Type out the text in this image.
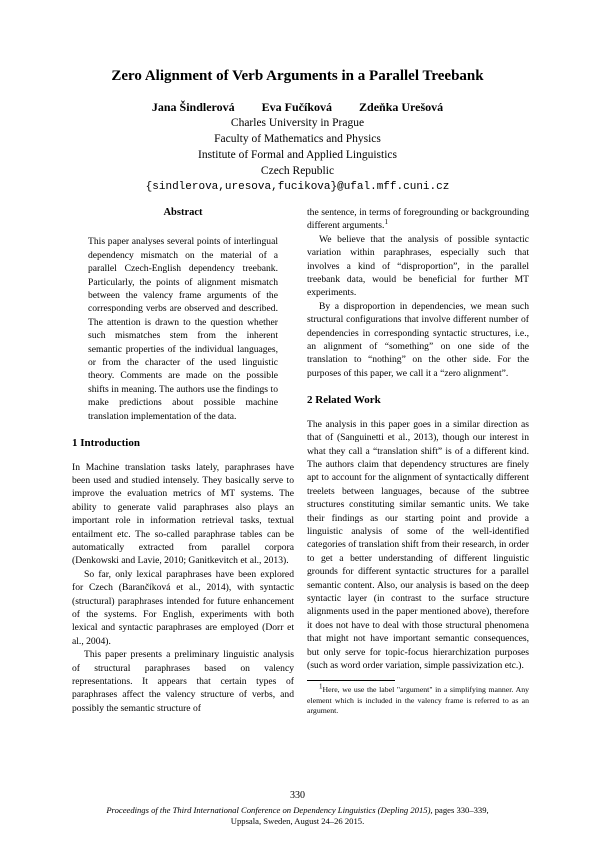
Zero Alignment of Verb Arguments in a Parallel Treebank
Jana Šindlerová Eva Fučíková Zdeňka Urešová
Charles University in Prague
Faculty of Mathematics and Physics
Institute of Formal and Applied Linguistics
Czech Republic
{sindlerova,uresova,fucikova}@ufal.mff.cuni.cz
Abstract

This paper analyses several points of interlingual dependency mismatch on the material of a parallel Czech-English dependency treebank. Particularly, the points of alignment mismatch between the valency frame arguments of the corresponding verbs are observed and described. The attention is drawn to the question whether such mismatches stem from the inherent semantic properties of the individual languages, or from the character of the used linguistic theory. Comments are made on the possible shifts in meaning. The authors use the findings to make predictions about possible machine translation implementation of the data.

1 Introduction

In Machine translation tasks lately, paraphrases have been used and studied intensely. They basically serve to improve the evaluation metrics of MT systems. The ability to generate valid paraphrases also plays an important role in information retrieval tasks, textual entailment etc. The so-called paraphrase tables can be automatically extracted from parallel corpora (Denkowski and Lavie, 2010; Ganitkevitch et al., 2013).

So far, only lexical paraphrases have been explored for Czech (Barančíková et al., 2014), with syntactic (structural) paraphrases intended for future enhancement of the systems. For English, experiments with both lexical and syntactic paraphrases are employed (Dorr et al., 2004).

This paper presents a preliminary linguistic analysis of structural paraphrases based on valency representations. It appears that certain types of paraphrases affect the valency structure of verbs, and possibly the semantic structure of

the sentence, in terms of foregrounding or backgrounding different arguments.$^1$

We believe that the analysis of possible syntactic variation within paraphrases, especially such that involves a kind of “disproportion”, in the parallel treebank data, would be beneficial for further MT experiments.

By a disproportion in dependencies, we mean such structural configurations that involve different number of dependencies in corresponding syntactic structures, i.e., an alignment of “something” on one side of the translation to “nothing” on the other side. For the purposes of this paper, we call it a “zero alignment”.

2 Related Work

The analysis in this paper goes in a similar direction as that of (Sanguinetti et al., 2013), though our interest in what they call a “translation shift” is of a different kind. The authors claim that dependency structures are finely apt to account for the alignment of syntactically different treelets between languages, because of the subtree structures constituting similar semantic units. We take their findings as our starting point and provide a linguistic analysis of some of the well-identified categories of translation shift from their research, in order to get a better understanding of different linguistic grounds for different syntactic structures for a parallel semantic content. Also, our analysis is based on the deep syntactic layer (in contrast to the surface structure alignments used in the paper mentioned above), therefore it does not have to deal with those structural phenomena that might not have important semantic consequences, but only serve for topic-focus hierarchization purposes (such as word order variation, simple passivization etc.).

$^1$Here, we use the label "argument" in a simplifying manner. Any element which is included in the valency frame is referred to as an argument.
330
Proceedings of the Third International Conference on Dependency Linguistics (Depling 2015), pages 330–339,
Uppsala, Sweden, August 24–26 2015.
